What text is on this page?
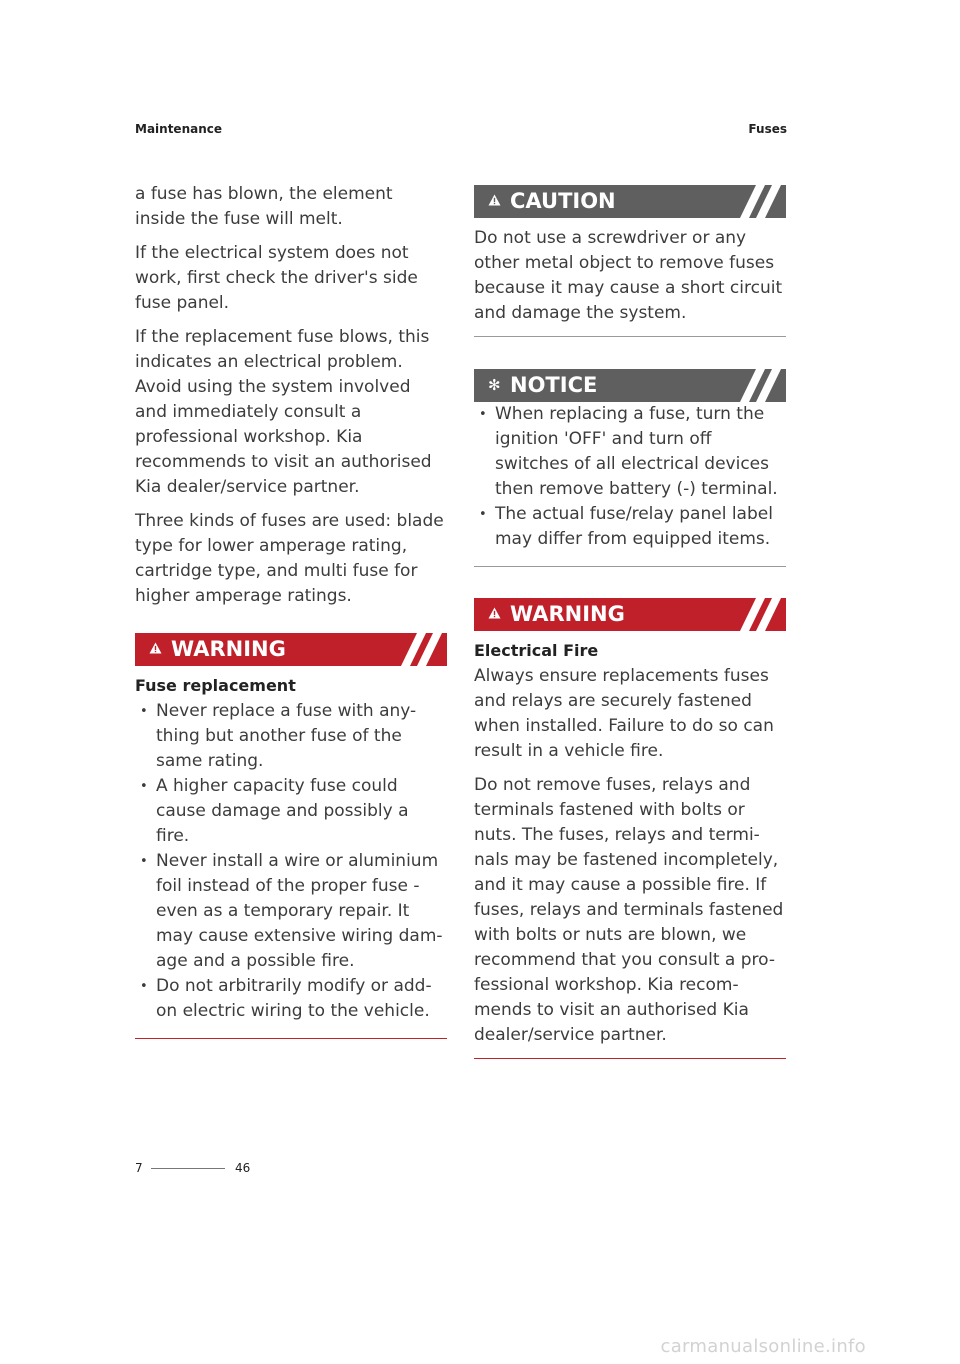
Maintenance	Fuses

a fuse has blown, the element inside the fuse will melt.

If the electrical system does not work, first check the driver's side fuse panel.

If the replacement fuse blows, this indicates an electrical problem. Avoid using the system involved and immediately consult a professional workshop. Kia recommends to visit an authorised Kia dealer/service partner.

Three kinds of fuses are used: blade type for lower amperage rating, cartridge type, and multi fuse for higher amperage ratings.

WARNING
Fuse replacement
• Never replace a fuse with any- thing but another fuse of the same rating.
• A higher capacity fuse could cause damage and possibly a fire.
• Never install a wire or aluminium foil instead of the proper fuse - even as a temporary repair. It may cause extensive wiring dam- age and a possible fire.
• Do not arbitrarily modify or add- on electric wiring to the vehicle.
CAUTION

Do not use a screwdriver or any other metal object to remove fuses because it may cause a short circuit and damage the system.

✻ NOTICE
• When replacing a fuse, turn the ignition 'OFF' and turn off switches of all electrical devices then remove battery (-) terminal.
• The actual fuse/relay panel label may differ from equipped items.
WARNING
Electrical Fire

Always ensure replacements fuses and relays are securely fastened when installed. Failure to do so can result in a vehicle fire.

Do not remove fuses, relays and terminals fastened with bolts or nuts. The fuses, relays and termi- nals may be fastened incompletely, and it may cause a possible fire. If fuses, relays and terminals fastened with bolts or nuts are blown, we recommend that you consult a pro- fessional workshop. Kia recom- mends to visit an authorised Kia dealer/service partner.

7	46
carmanualsonline.info
